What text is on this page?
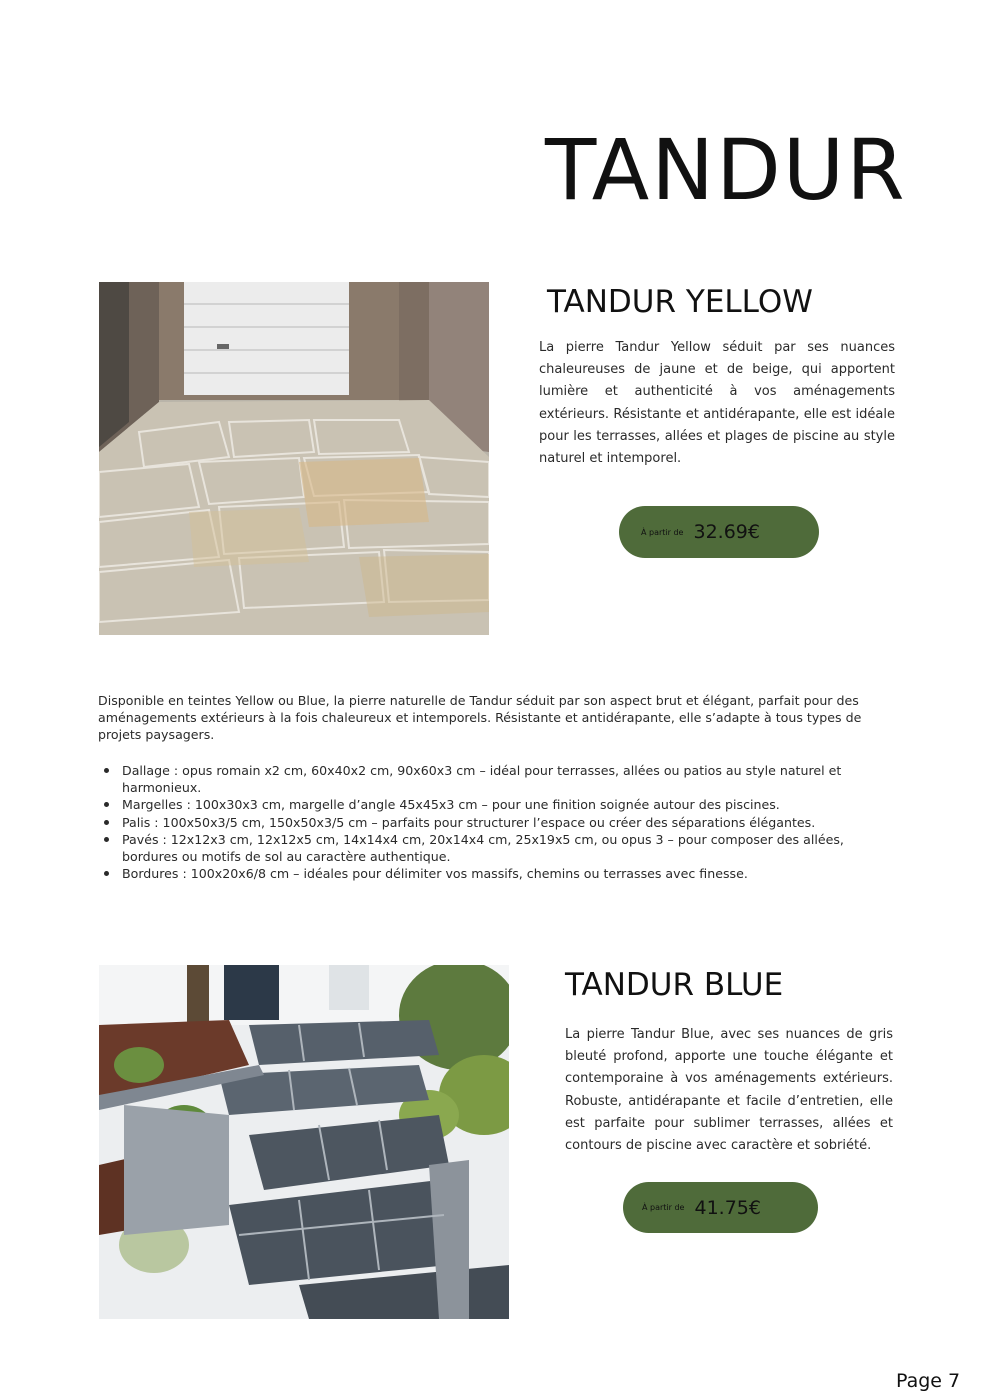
TANDUR
TANDUR YELLOW

La pierre Tandur Yellow séduit par ses nuances chaleureuses de jaune et de beige, qui apportent lumière et authenticité à vos aménagements extérieurs. Résistante et antidérapante, elle est idéale pour les terrasses, allées et plages de piscine au style naturel et intemporel.

À partir de 32.69€

Disponible en teintes Yellow ou Blue, la pierre naturelle de Tandur séduit par son aspect brut et élégant, parfait pour des aménagements extérieurs à la fois chaleureux et intemporels. Résistante et antidérapante, elle s’adapte à tous types de projets paysagers.

Dallage : opus romain x2 cm, 60x40x2 cm, 90x60x3 cm – idéal pour terrasses, allées ou patios au style naturel et harmonieux.
Margelles : 100x30x3 cm, margelle d’angle 45x45x3 cm – pour une finition soignée autour des piscines.
Palis : 100x50x3/5 cm, 150x50x3/5 cm – parfaits pour structurer l’espace ou créer des séparations élégantes.
Pavés : 12x12x3 cm, 12x12x5 cm, 14x14x4 cm, 20x14x4 cm, 25x19x5 cm, ou opus 3 – pour composer des allées, bordures ou motifs de sol au caractère authentique.
Bordures : 100x20x6/8 cm – idéales pour délimiter vos massifs, chemins ou terrasses avec finesse.
TANDUR BLUE

La pierre Tandur Blue, avec ses nuances de gris bleuté profond, apporte une touche élégante et contemporaine à vos aménagements extérieurs. Robuste, antidérapante et facile d’entretien, elle est parfaite pour sublimer terrasses, allées et contours de piscine avec caractère et sobriété.

À partir de 41.75€
Page 7
